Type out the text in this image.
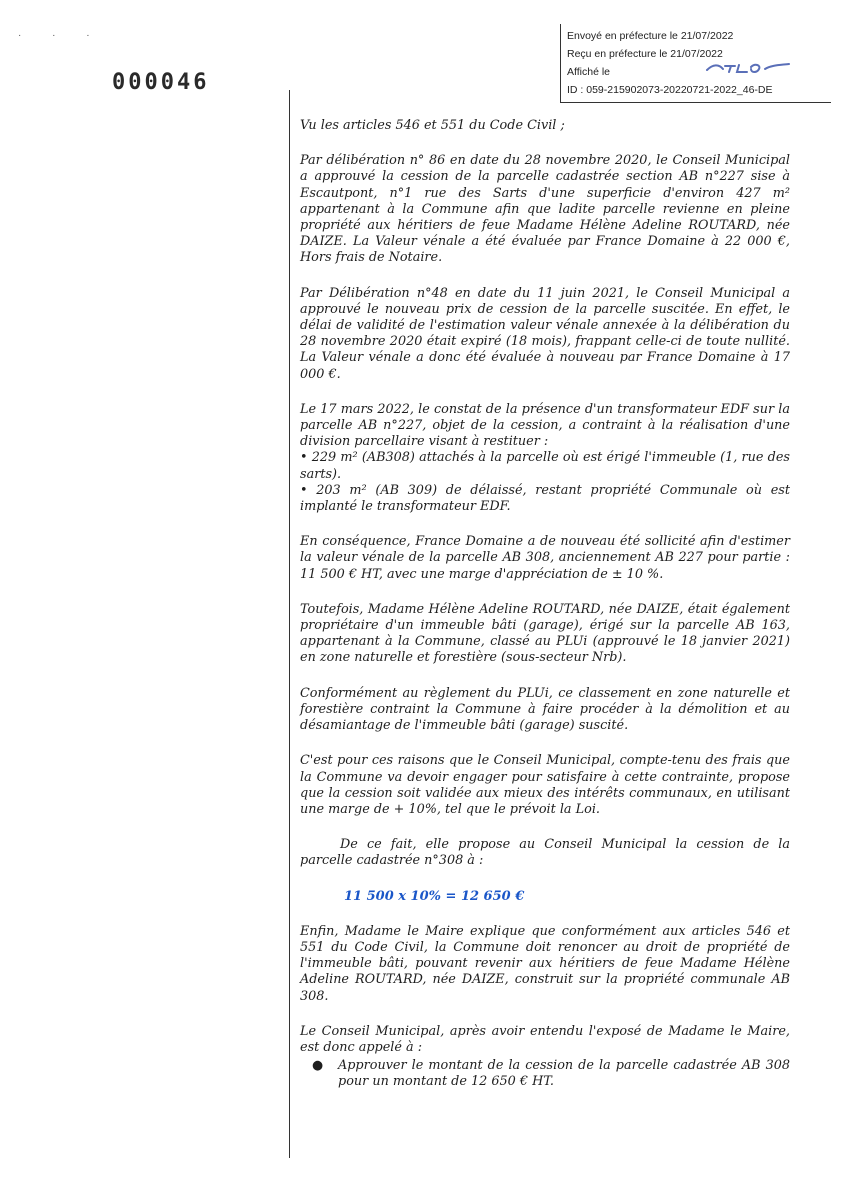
· · ·
000046
Envoyé en préfecture le 21/07/2022
Reçu en préfecture le 21/07/2022
Affiché le
ID : 059-215902073-20220721-2022_46-DE

Vu les articles 546 et 551 du Code Civil ;

Par délibération n° 86 en date du 28 novembre 2020, le Conseil Municipal a approuvé la cession de la parcelle cadastrée section AB n°227 sise à Escautpont, n°1 rue des Sarts d'une superficie d'environ 427 m² appartenant à la Commune afin que ladite parcelle revienne en pleine propriété aux héritiers de feue Madame Hélène Adeline ROUTARD, née DAIZE. La Valeur vénale a été évaluée par France Domaine à 22 000 €, Hors frais de Notaire.

Par Délibération n°48 en date du 11 juin 2021, le Conseil Municipal a approuvé le nouveau prix de cession de la parcelle suscitée. En effet, le délai de validité de l'estimation valeur vénale annexée à la délibération du 28 novembre 2020 était expiré (18 mois), frappant celle-ci de toute nullité. La Valeur vénale a donc été évaluée à nouveau par France Domaine à 17 000 €.

Le 17 mars 2022, le constat de la présence d'un transformateur EDF sur la parcelle AB n°227, objet de la cession, a contraint à la réalisation d'une division parcellaire visant à restituer :
• 229 m² (AB308) attachés à la parcelle où est érigé l'immeuble (1, rue des sarts).
• 203 m² (AB 309) de délaissé, restant propriété Communale où est implanté le transformateur EDF.

En conséquence, France Domaine a de nouveau été sollicité afin d'estimer la valeur vénale de la parcelle AB 308, anciennement AB 227 pour partie : 11 500 € HT, avec une marge d'appréciation de ± 10 %.

Toutefois, Madame Hélène Adeline ROUTARD, née DAIZE, était également propriétaire d'un immeuble bâti (garage), érigé sur la parcelle AB 163, appartenant à la Commune, classé au PLUi (approuvé le 18 janvier 2021) en zone naturelle et forestière (sous-secteur Nrb).

Conformément au règlement du PLUi, ce classement en zone naturelle et forestière contraint la Commune à faire procéder à la démolition et au désamiantage de l'immeuble bâti (garage) suscité.

C'est pour ces raisons que le Conseil Municipal, compte-tenu des frais que la Commune va devoir engager pour satisfaire à cette contrainte, propose que la cession soit validée aux mieux des intérêts communaux, en utilisant une marge de + 10%, tel que le prévoit la Loi.

De ce fait, elle propose au Conseil Municipal la cession de la parcelle cadastrée n°308 à :

11 500 x 10% = 12 650 €

Enfin, Madame le Maire explique que conformément aux articles 546 et 551 du Code Civil, la Commune doit renoncer au droit de propriété de l'immeuble bâti, pouvant revenir aux héritiers de feue Madame Hélène Adeline ROUTARD, née DAIZE, construit sur la propriété communale AB 308.

Le Conseil Municipal, après avoir entendu l'exposé de Madame le Maire, est donc appelé à :

● Approuver le montant de la cession de la parcelle cadastrée AB 308 pour un montant de 12 650 € HT.
